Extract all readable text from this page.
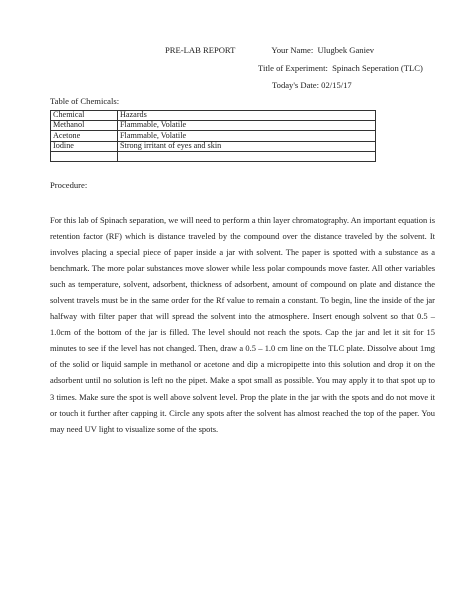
PRE-LAB REPORT	Your Name: Ulugbek Ganiev
Title of Experiment: Spinach Seperation (TLC)
Today's Date: 02/15/17
Table of Chemicals:
Chemical	Hazards
Methanol	Flammable, Volatile
Acetone	Flammable, Volatile
Iodine	Strong irritant of eyes and skin

Procedure:
For this lab of Spinach separation, we will need to perform a thin layer chromatography. An important equation is retention factor (RF) which is distance traveled by the compound over the distance traveled by the solvent. It involves placing a special piece of paper inside a jar with solvent. The paper is spotted with a substance as a benchmark. The more polar substances move slower while less polar compounds move faster. All other variables such as temperature, solvent, adsorbent, thickness of adsorbent, amount of compound on plate and distance the solvent travels must be in the same order for the Rf value to remain a constant. To begin, line the inside of the jar halfway with filter paper that will spread the solvent into the atmosphere. Insert enough solvent so that 0.5 – 1.0cm of the bottom of the jar is filled. The level should not reach the spots. Cap the jar and let it sit for 15 minutes to see if the level has not changed. Then, draw a 0.5 – 1.0 cm line on the TLC plate. Dissolve about 1mg of the solid or liquid sample in methanol or acetone and dip a micropipette into this solution and drop it on the adsorbent until no solution is left no the pipet. Make a spot small as possible. You may apply it to that spot up to 3 times. Make sure the spot is well above solvent level. Prop the plate in the jar with the spots and do not move it or touch it further after capping it. Circle any spots after the solvent has almost reached the top of the paper. You may need UV light to visualize some of the spots.
